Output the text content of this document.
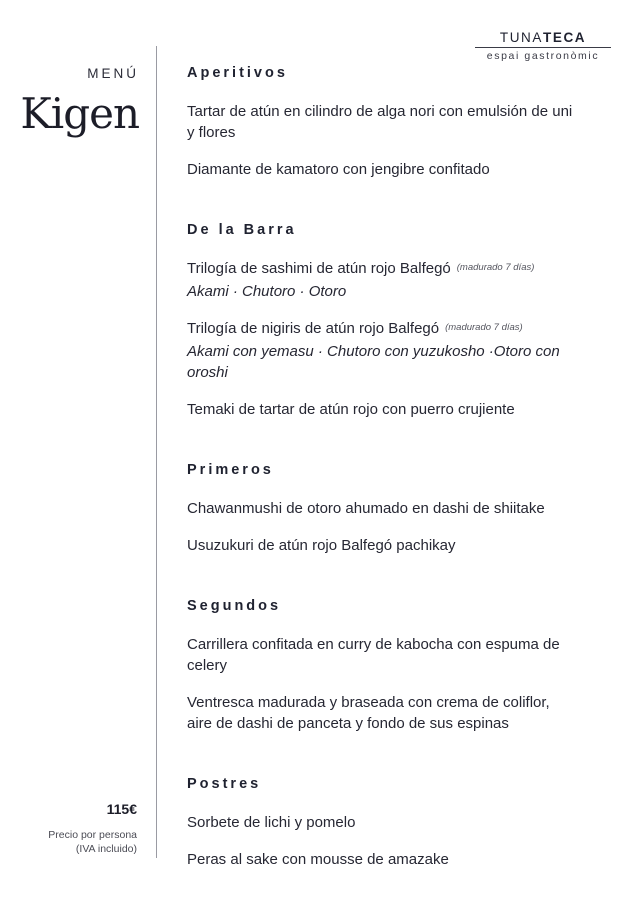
TUNATECA
espai gastronòmic
MENÚ
Kigen
115€
Precio por persona
(IVA incluido)
Aperitivos
Tartar de atún en cilindro de alga nori con emulsión de uni y flores
Diamante de kamatoro con jengibre confitado
De la Barra
Trilogía de sashimi de atún rojo Balfegó $^{(madurado 7 días)}$
Akami · Chutoro · Otoro
Trilogía de nigiris de atún rojo Balfegó $^{(madurado 7 días)}$
Akami con yemasu · Chutoro con yuzukosho ·Otoro con oroshi
Temaki de tartar de atún rojo con puerro crujiente
Primeros
Chawanmushi de otoro ahumado en dashi de shiitake
Usuzukuri de atún rojo Balfegó pachikay
Segundos
Carrillera confitada en curry de kabocha con espuma de celery
Ventresca madurada y braseada con crema de coliflor, aire de dashi de panceta y fondo de sus espinas
Postres
Sorbete de lichi y pomelo
Peras al sake con mousse de amazake
